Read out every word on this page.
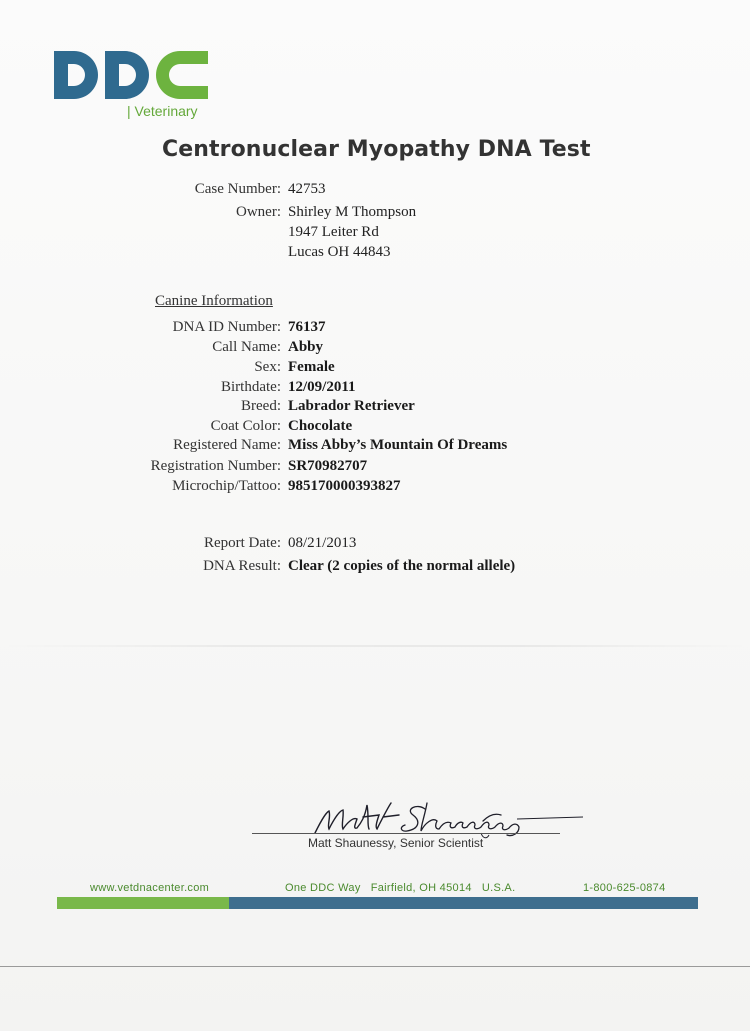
| Veterinary
Centronuclear Myopathy DNA Test
Case Number: 42753
Owner: Shirley M Thompson
1947 Leiter Rd
Lucas OH 44843
Canine Information
DNA ID Number: 76137
Call Name: Abby
Sex: Female
Birthdate: 12/09/2011
Breed: Labrador Retriever
Coat Color: Chocolate
Registered Name: Miss Abby’s Mountain Of Dreams
Registration Number: SR70982707
Microchip/Tattoo: 985170000393827
Report Date: 08/21/2013
DNA Result: Clear (2 copies of the normal allele)
Matt Shaunessy, Senior Scientist
www.vetdnacenter.com	One DDC Way   Fairfield, OH 45014   U.S.A.	1-800-625-0874
